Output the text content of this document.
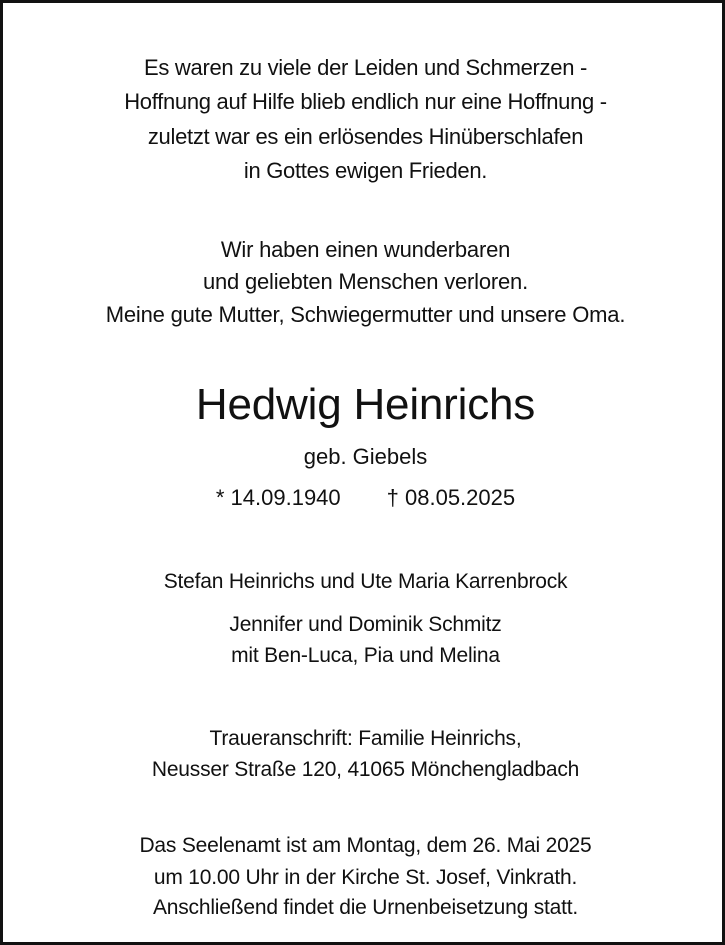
Es waren zu viele der Leiden und Schmerzen -
Hoffnung auf Hilfe blieb endlich nur eine Hoffnung -
zuletzt war es ein erlösendes Hinüberschlafen
in Gottes ewigen Frieden.
Wir haben einen wunderbaren
und geliebten Menschen verloren.
Meine gute Mutter, Schwiegermutter und unsere Oma.
Hedwig Heinrichs
geb. Giebels
* 14.09.1940 † 08.05.2025
Stefan Heinrichs und Ute Maria Karrenbrock
Jennifer und Dominik Schmitz
mit Ben-Luca, Pia und Melina
Traueranschrift: Familie Heinrichs,
Neusser Straße 120, 41065 Mönchengladbach
Das Seelenamt ist am Montag, dem 26. Mai 2025
um 10.00 Uhr in der Kirche St. Josef, Vinkrath.
Anschließend findet die Urnenbeisetzung statt.
